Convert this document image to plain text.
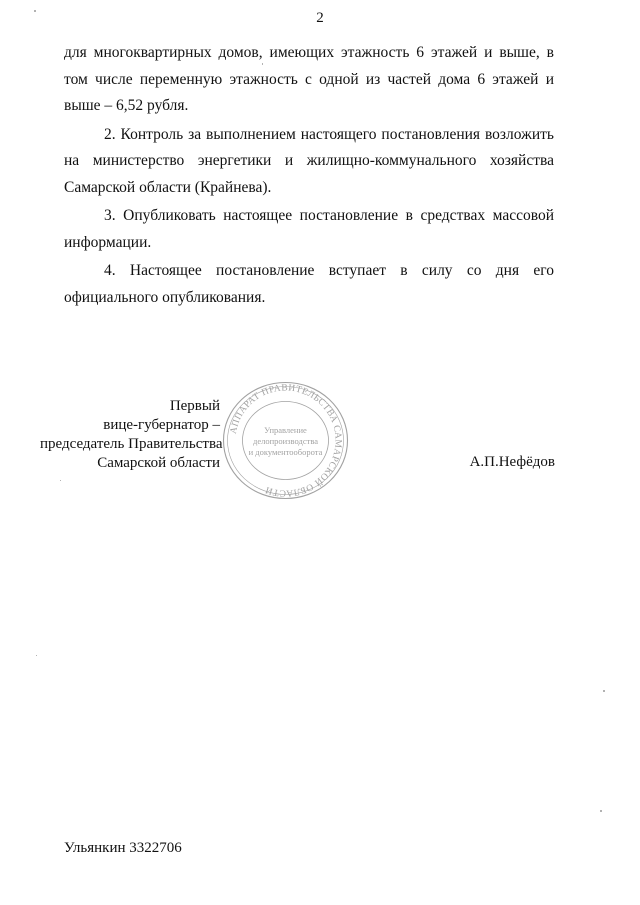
2

для многоквартирных домов, имеющих этажность 6 этажей и выше, в том числе переменную этажность с одной из частей дома 6 этажей и выше – 6,52 рубля.

2. Контроль за выполнением настоящего постановления возложить на министерство энергетики и жилищно-коммунального хозяйства Самарской области (Крайнева).

3. Опубликовать настоящее постановление в средствах массовой информации.

4. Настоящее постановление вступает в силу со дня его официального опубликования.

Первый
вице-губернатор –
председатель Правительства
Самарской области
АППАРАТ ПРАВИТЕЛЬСТВА САМАРСКОЙ ОБЛАСТИ
Управление
делопроизводства
и документооборота
А.П.Нефёдов
Ульянкин 3322706
